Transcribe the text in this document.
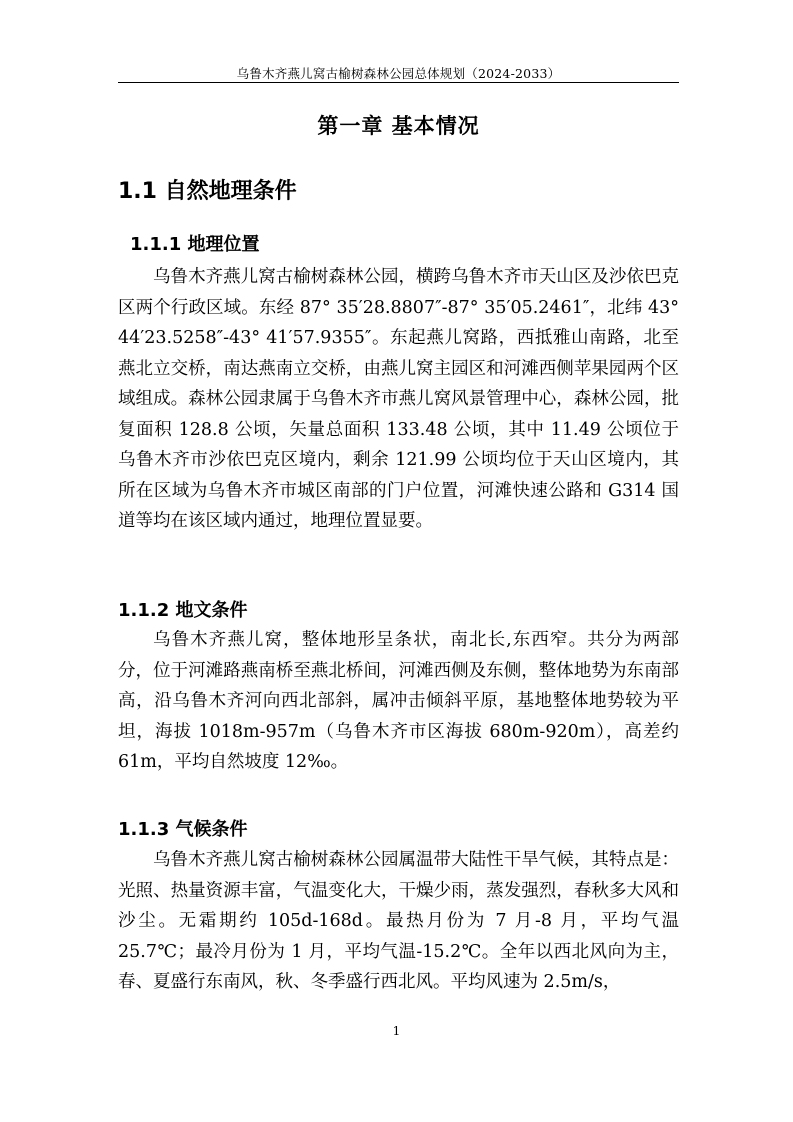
乌鲁木齐燕儿窝古榆树森林公园总体规划（2024-2033）
第一章 基本情况
1.1 自然地理条件
1.1.1 地理位置

乌鲁木齐燕儿窝古榆树森林公园，横跨乌鲁木齐市天山区及沙依巴克区两个行政区域。东经 87° 35′28.8807″-87° 35′05.2461″，北纬 43° 44′23.5258″-43° 41′57.9355″。东起燕儿窝路，西抵雅山南路，北至燕北立交桥，南达燕南立交桥，由燕儿窝主园区和河滩西侧苹果园两个区域组成。森林公园隶属于乌鲁木齐市燕儿窝风景管理中心，森林公园，批复面积 128.8 公顷，矢量总面积 133.48 公顷，其中 11.49 公顷位于乌鲁木齐市沙依巴克区境内，剩余 121.99 公顷均位于天山区境内，其所在区域为乌鲁木齐市城区南部的门户位置，河滩快速公路和 G314 国道等均在该区域内通过，地理位置显要。

1.1.2 地文条件

乌鲁木齐燕儿窝，整体地形呈条状，南北长,东西窄。共分为两部分，位于河滩路燕南桥至燕北桥间，河滩西侧及东侧，整体地势为东南部高，沿乌鲁木齐河向西北部斜，属冲击倾斜平原，基地整体地势较为平坦，海拔 1018m-957m（乌鲁木齐市区海拔 680m-920m），高差约 61m，平均自然坡度 12‰。

1.1.3 气候条件

乌鲁木齐燕儿窝古榆树森林公园属温带大陆性干旱气候，其特点是：光照、热量资源丰富，气温变化大，干燥少雨，蒸发强烈，春秋多大风和沙尘。无霜期约 105d-168d。最热月份为 7 月-8 月，平均气温 25.7℃；最冷月份为 1 月，平均气温-15.2℃。全年以西北风向为主，春、夏盛行东南风，秋、冬季盛行西北风。平均风速为 2.5m/s，

1
